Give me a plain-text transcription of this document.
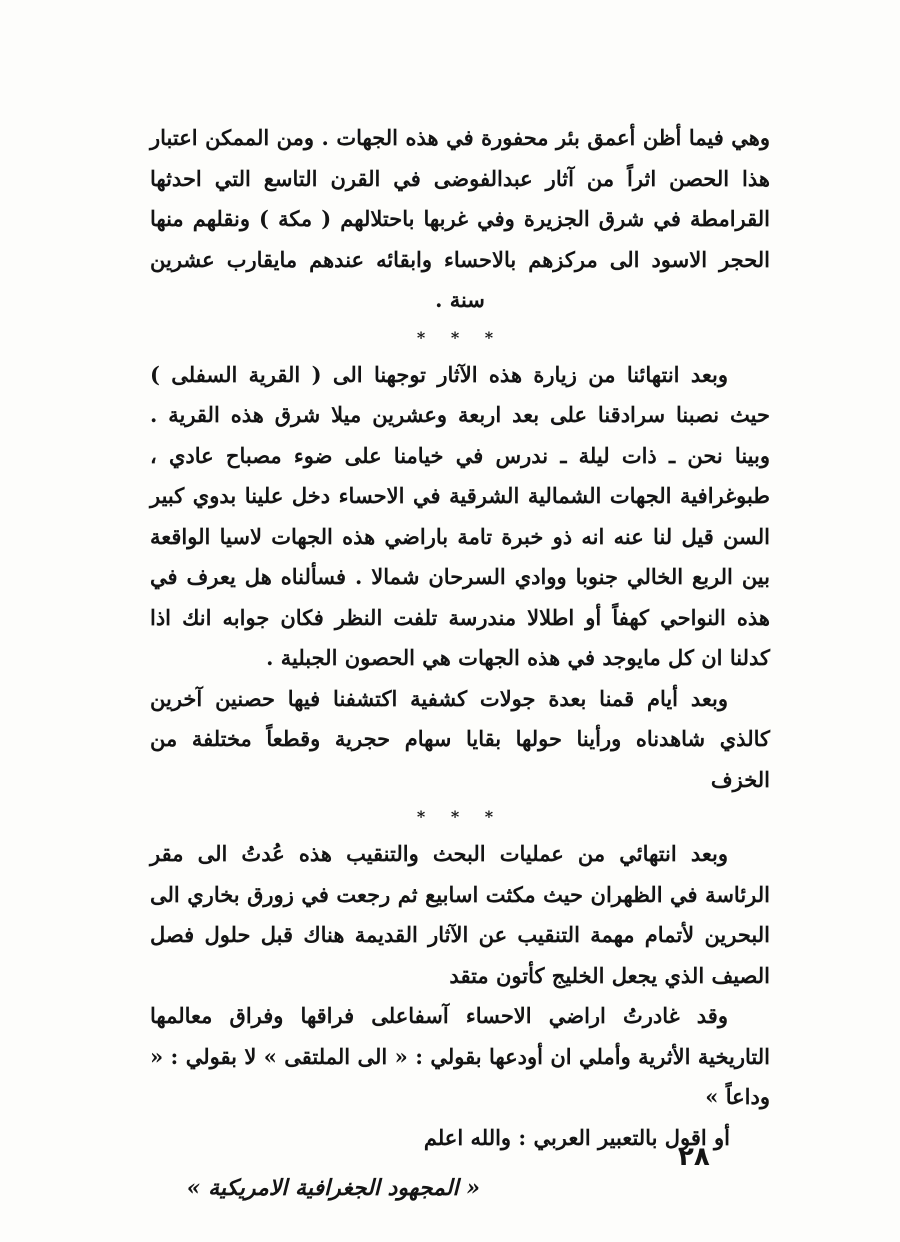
وهي فيما أظن أعمق بئر محفورة في هذه الجهات . ومن الممكن اعتبار هذا الحصن اثراً من آثار عبدالفوضى في القرن التاسع التي احدثها القرامطة في شرق الجزيرة وفي غربها باحتلالهم ( مكة ) ونقلهم منها الحجر الاسود الى مركزهم بالاحساء وابقائه عندهم مايقارب عشرين سنة .

* * *

وبعد انتهائنا من زيارة هذه الآثار توجهنا الى ( القرية السفلى ) حيث نصبنا سرادقنا على بعد اربعة وعشرين ميلا شرق هذه القرية . وبينا نحن ـ ذات ليلة ـ ندرس في خيامنا على ضوء مصباح عادي ، طبوغرافية الجهات الشمالية الشرقية في الاحساء دخل علينا بدوي كبير السن قيل لنا عنه انه ذو خبرة تامة باراضي هذه الجهات لاسيا الواقعة بين الربع الخالي جنوبا ووادي السرحان شمالا . فسألناه هل يعرف في هذه النواحي كهفاً أو اطلالا مندرسة تلفت النظر فكان جوابه انك اذا كدلنا ان كل مايوجد في هذه الجهات هي الحصون الجبلية .

وبعد أيام قمنا بعدة جولات كشفية اكتشفنا فيها حصنين آخرين كالذي شاهدناه ورأينا حولها بقايا سهام حجرية وقطعاً مختلفة من الخزف

* * *

وبعد انتهائي من عمليات البحث والتنقيب هذه عُدتُ الى مقر الرئاسة في الظهران حيث مكثت اسابيع ثم رجعت في زورق بخاري الى البحرين لأتمام مهمة التنقيب عن الآثار القديمة هناك قبل حلول فصل الصيف الذي يجعل الخليج كأتون متقد

وقد غادرتُ اراضي الاحساء آسفاعلى فراقها وفراق معالمها التاريخية الأثرية وأملي ان أودعها بقولي : « الى الملتقى » لا بقولي : « وداعاً »

أو اقول بالتعبير العربي : والله اعلم

« المجهود الجغرافية الامريكية »

٢٨
